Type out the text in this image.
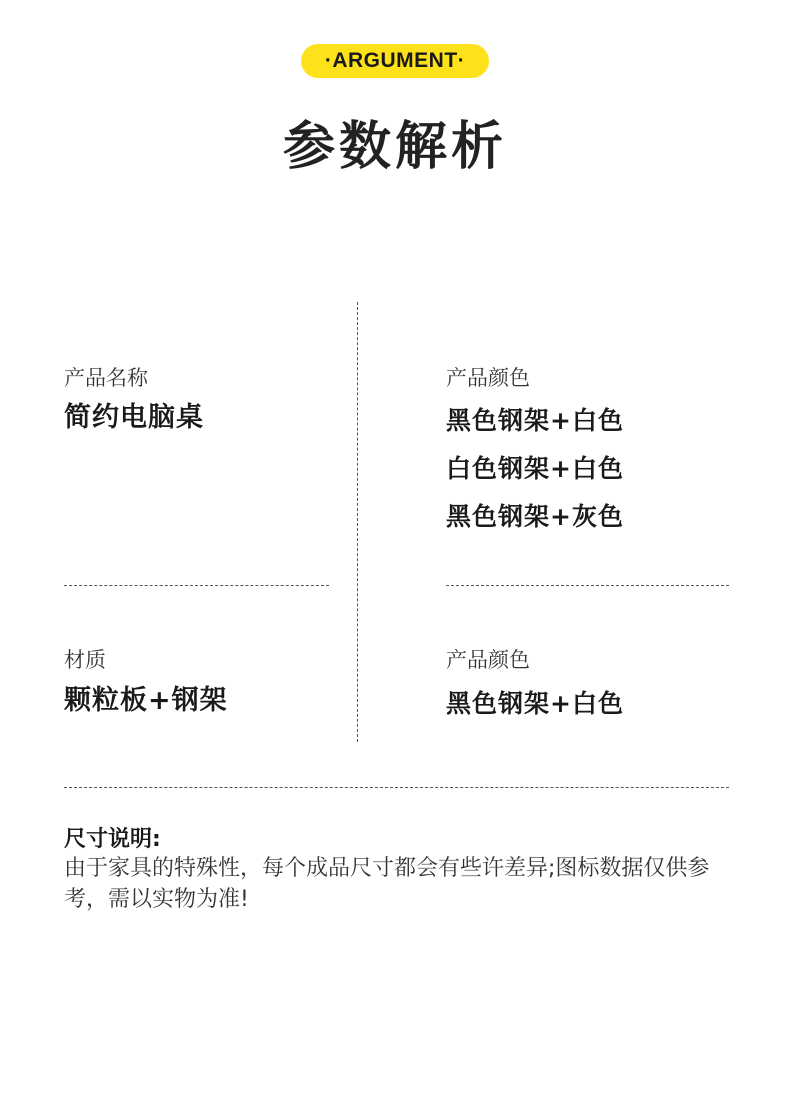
·ARGUMENT·
参数解析
产品名称
简约电脑桌
产品颜色
黑色钢架+白色
白色钢架+白色
黑色钢架+灰色
材质
颗粒板+钢架
产品颜色
黑色钢架+白色
尺寸说明:
由于家具的特殊性，每个成品尺寸都会有些许差异;图标数据仅供参考，需以实物为准!
